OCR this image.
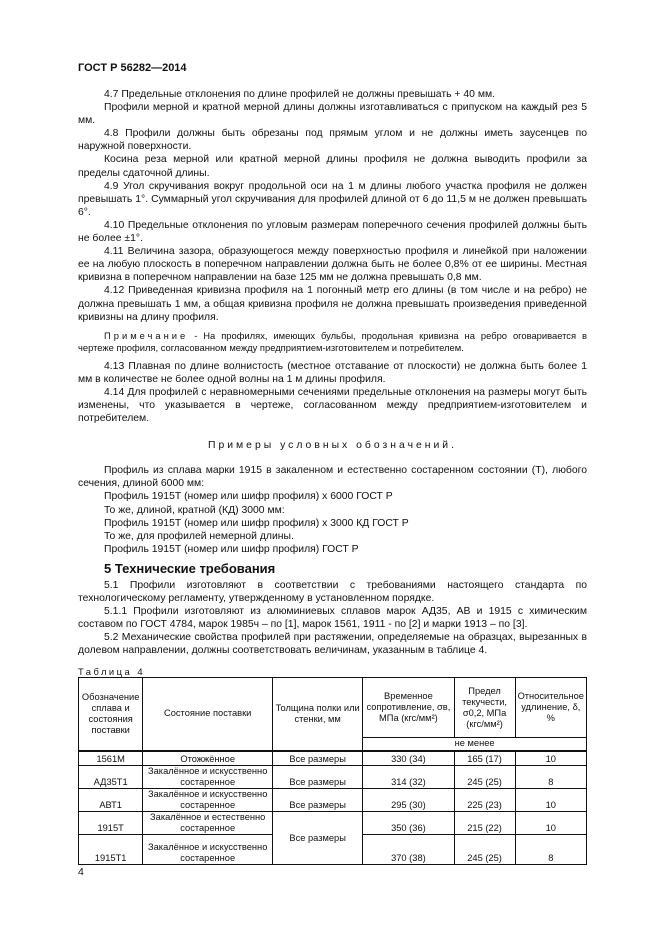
ГОСТ Р 56282—2014

4.7 Предельные отклонения по длине профилей не должны превышать + 40 мм.

Профили мерной и кратной мерной длины должны изготавливаться с припуском на каждый рез 5 мм.

4.8 Профили должны быть обрезаны под прямым углом и не должны иметь заусенцев по наружной поверхности.

Косина реза мерной или кратной мерной длины профиля не должна выводить профили за пределы сдаточной длины.

4.9 Угол скручивания вокруг продольной оси на 1 м длины любого участка профиля не должен превышать 1°. Суммарный угол скручивания для профилей длиной от 6 до 11,5 м не должен превышать 6°.

4.10 Предельные отклонения по угловым размерам поперечного сечения профилей должны быть не более ±1°.

4.11 Величина зазора, образующегося между поверхностью профиля и линейкой при наложении ее на любую плоскость в поперечном направлении должна быть не более 0,8% от ее ширины. Местная кривизна в поперечном направлении на базе 125 мм не должна превышать 0,8 мм.

4.12 Приведенная кривизна профиля на 1 погонный метр его длины (в том числе и на ребро) не должна превышать 1 мм, а общая кривизна профиля не должна превышать произведения приведенной кривизны на длину профиля.

Примечание - На профилях, имеющих бульбы, продольная кривизна на ребро оговаривается в чертеже профиля, согласованном между предприятием-изготовителем и потребителем.

4.13 Плавная по длине волнистость (местное отставание от плоскости) не должна быть более 1 мм в количестве не более одной волны на 1 м длины профиля.

4.14 Для профилей с неравномерными сечениями предельные отклонения на размеры могут быть изменены, что указывается в чертеже, согласованном между предприятием-изготовителем и потребителем.

Примеры условных обозначений.

Профиль из сплава марки 1915 в закаленном и естественно состаренном состоянии (Т), любого сечения, длиной 6000 мм:

Профиль 1915Т (номер или шифр профиля) х 6000 ГОСТ Р

То же, длиной, кратной (КД) 3000 мм:

Профиль 1915Т (номер или шифр профиля) х 3000 КД ГОСТ Р

То же, для профилей немерной длины.

Профиль 1915Т (номер или шифр профиля) ГОСТ Р

5 Технические требования

5.1 Профили изготовляют в соответствии с требованиями настоящего стандарта по технологическому регламенту, утвержденному в установленном порядке.

5.1.1 Профили изготовляют из алюминиевых сплавов марок АД35, АВ и 1915 с химическим составом по ГОСТ 4784, марок 1985ч – по [1], марок 1561, 1911 - по [2] и марки 1913 – по [3].

5.2 Механические свойства профилей при растяжении, определяемые на образцах, вырезанных в долевом направлении, должны соответствовать величинам, указанным в таблице 4.

Таблица 4

Обозначение сплава и состояния поставки	Состояние поставки	Толщина полки или стенки, мм	Временное сопротивление, σв, МПа (кгс/мм²)	Предел текучести, σ0,2, МПа (кгс/мм²)	Относительное удлинение, δ, %
			не менее		
1561М	Отожжённое	Все размеры	330 (34)	165 (17)	10
АД35Т1	Закалённое и искусственно состаренное	Все размеры	314 (32)	245 (25)	8
АВТ1	Закалённое и искусственно состаренное	Все размеры	295 (30)	225 (23)	10
1915Т	Закалённое и естественно состаренное	Все размеры	350 (36)	215 (22)	10
1915Т1	Закалённое и искусственно состаренное		370 (38)	245 (25)	8
4
